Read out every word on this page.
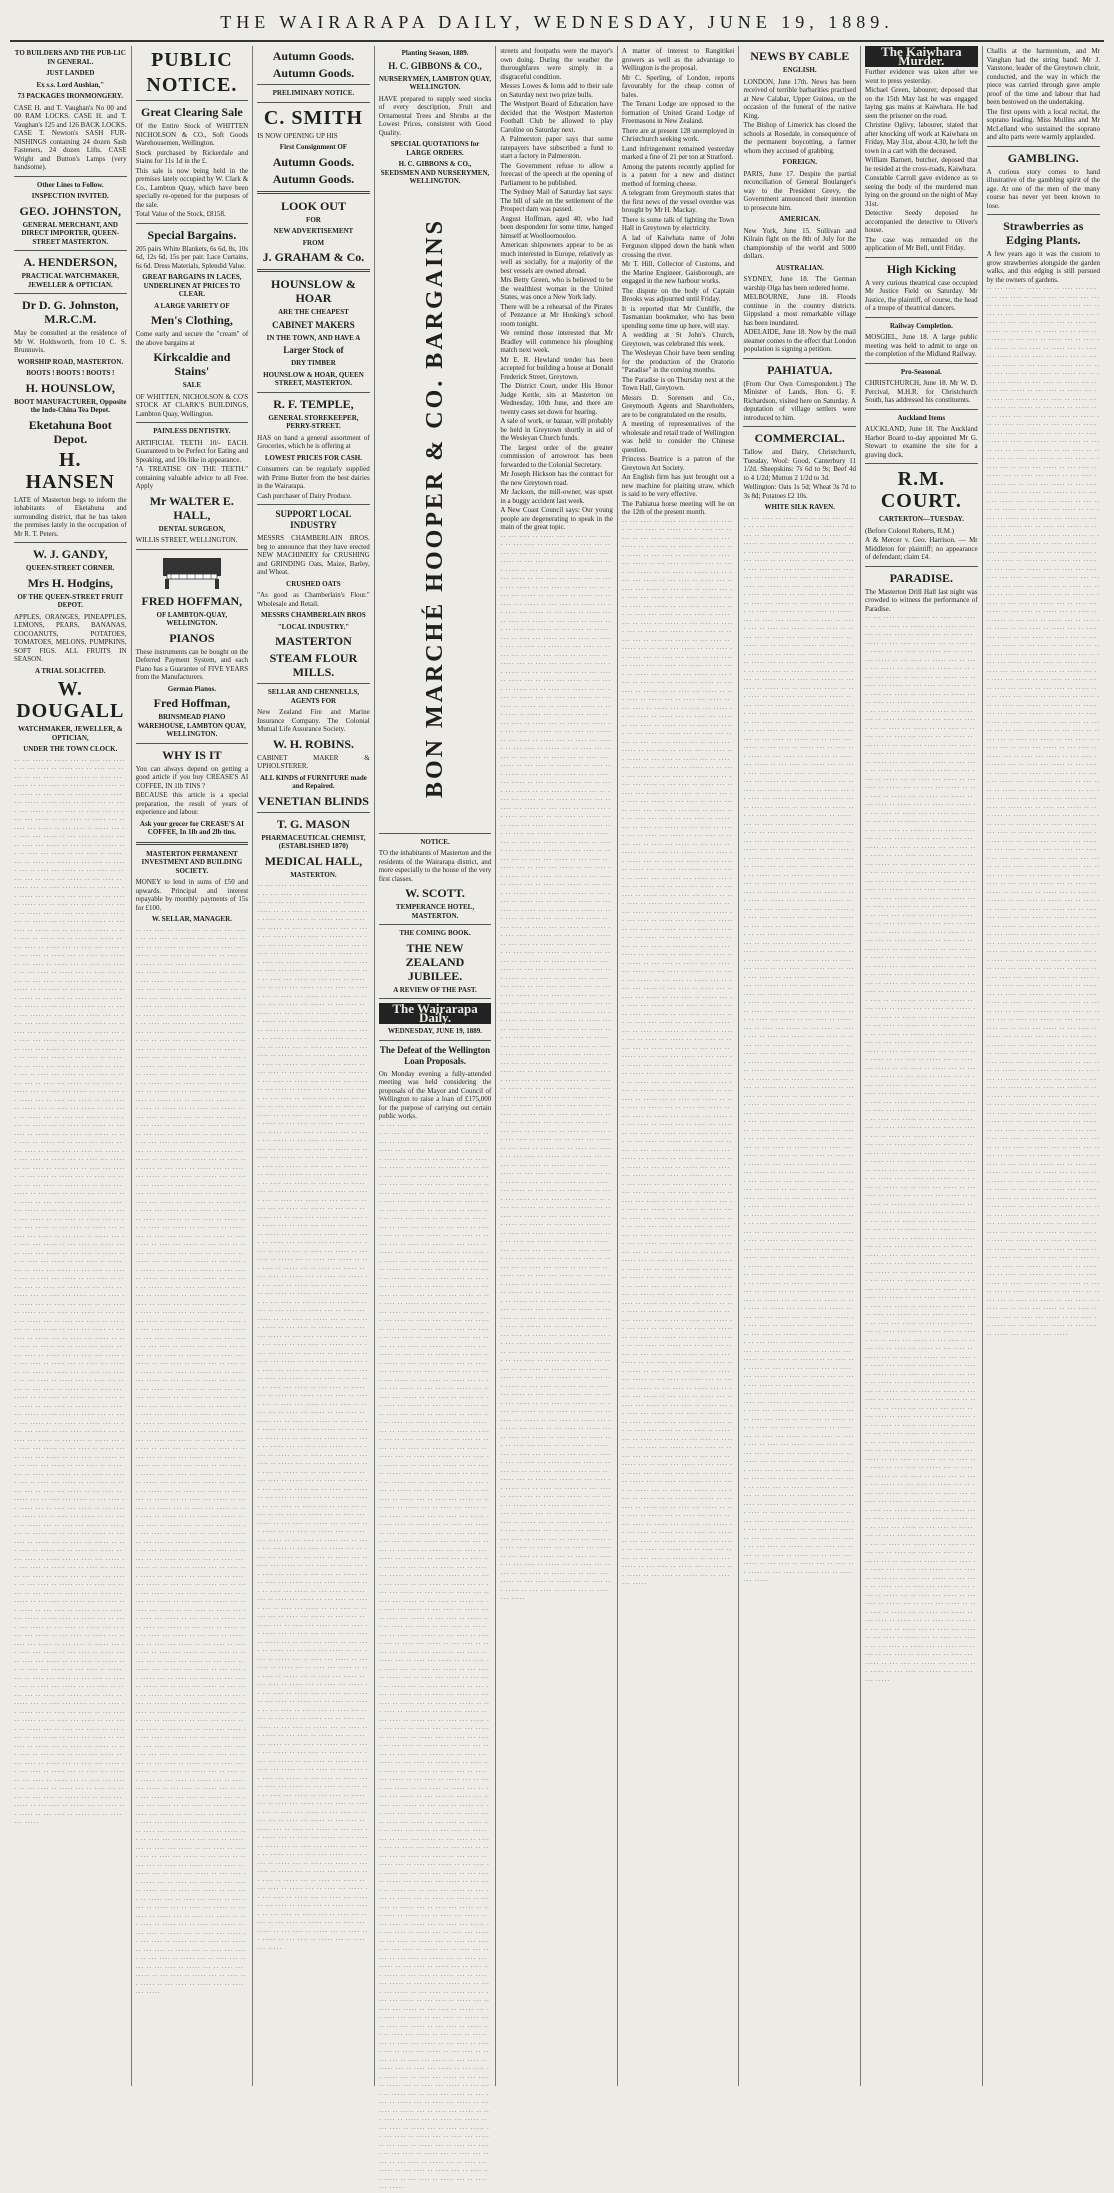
THE WAIRARAPA DAILY, WEDNESDAY, JUNE 19, 1889.
TO BUILDERS AND THE PUB-LIC IN GENERAL.
JUST LANDED
Ex s.s. Lord Aushian,"
73 PACKAGES IRONMONGERY.
CASE H. and T. Vaughan's No 00 and 00 RAM LOCKS. CASE H. and T. Vaughan's 125 and 126 BACK LOCKS. CASE T. Newton's SASH FUR-NISHINGS containing 24 dozen Sash Fasteners, 24 dozen Lifts. CASE Wright and Button's Lamps (very handsome).
Other Lines to Follow.
INSPECTION INVITED.
GEO. JOHNSTON,
GENERAL MERCHANT, AND DIRECT IMPORTER, QUEEN-STREET MASTERTON.
A. HENDERSON,
PRACTICAL WATCHMAKER, JEWELLER & OPTICIAN.
Dr D. G. Johnston, M.R.C.M.
May be consulted at the residence of Mr W. Holdsworth, from 10 C. S. Brunnuvis.
WORSHIP ROAD, MASTERTON.
BOOTS ! BOOTS ! BOOTS !
H. HOUNSLOW,
BOOT MANUFACTURER, Opposite the Indo-China Tea Depot.
Eketahuna Boot Depot.
H. HANSEN
LATE of Masterton begs to inform the inhabitants of Eketahuna and surrounding district, that he has taken the premises lately in the occupation of Mr R. T. Peters.
W. J. GANDY,
QUEEN-STREET CORNER.
Mrs H. Hodgins,
OF THE QUEEN-STREET FRUIT DEPOT.
APPLES, ORANGES, PINEAPPLES, LEMONS, PEARS, BANANAS, COCOANUTS, POTATOES, TOMATOES, MELONS, PUMPKINS, SOFT FIGS. ALL FRUITS IN SEASON.
A TRIAL SOLICITED.
W. DOUGALL
WATCHMAKER, JEWELLER, & OPTICIAN,
UNDER THE TOWN CLOCK.
·· ··· ···· ·· ····· ··· ·· ···· ··· ····· ·· ··· ···· ·· ····· ··· ·· ···· ··· ····· ·· ··· ···· ·· ····· ··· ·· ···· ··· ····· ·· ··· ···· ·· ····· ··· ·· ···· ··· ····· ·· ··· ···· ·· ····· ··· ·· ···· ··· ····· ·· ··· ···· ·· ····· ··· ·· ···· ··· ····· ·· ··· ···· ·· ····· ··· ·· ···· ··· ····· ·· ··· ···· ·· ····· ··· ·· ···· ··· ····· ·· ··· ···· ·· ····· ··· ·· ···· ··· ····· ·· ··· ···· ·· ····· ··· ·· ···· ··· ····· ·· ··· ···· ·· ····· ··· ·· ···· ··· ····· ·· ··· ···· ·· ····· ··· ·· ···· ··· ····· ·· ··· ···· ·· ····· ··· ·· ···· ··· ····· ·· ··· ···· ·· ····· ··· ·· ···· ··· ····· ·· ··· ···· ·· ····· ··· ·· ···· ··· ····· ·· ··· ···· ·· ····· ··· ·· ···· ··· ····· ·· ··· ···· ·· ····· ··· ·· ···· ··· ····· ·· ··· ···· ·· ····· ··· ·· ···· ··· ····· ·· ··· ···· ·· ····· ··· ·· ···· ··· ····· ·· ··· ···· ·· ····· ··· ·· ···· ··· ····· ·· ··· ···· ·· ····· ··· ·· ···· ··· ····· ·· ··· ···· ·· ····· ··· ·· ···· ··· ····· ·· ··· ···· ·· ····· ··· ·· ···· ··· ····· ·· ··· ···· ·· ····· ··· ·· ···· ··· ····· ·· ··· ···· ·· ····· ··· ·· ···· ··· ····· ·· ··· ···· ·· ····· ··· ·· ···· ··· ····· ·· ··· ···· ·· ····· ··· ·· ···· ··· ····· ·· ··· ···· ·· ····· ··· ·· ···· ··· ····· ·· ··· ···· ·· ····· ··· ·· ···· ··· ····· ·· ··· ···· ·· ····· ··· ·· ···· ··· ····· ·· ··· ···· ·· ····· ··· ·· ···· ··· ····· ·· ··· ···· ·· ····· ··· ·· ···· ··· ····· ·· ··· ···· ·· ····· ··· ·· ···· ··· ····· ·· ··· ···· ·· ····· ··· ·· ···· ··· ····· ·· ··· ···· ·· ····· ··· ·· ···· ··· ····· ·· ··· ···· ·· ····· ··· ·· ···· ··· ····· ·· ··· ···· ·· ····· ··· ·· ···· ··· ····· ·· ··· ···· ·· ····· ··· ·· ···· ··· ····· ·· ··· ···· ·· ····· ··· ·· ···· ··· ····· ·· ··· ···· ·· ····· ··· ·· ···· ··· ····· ·· ··· ···· ·· ····· ··· ·· ···· ··· ····· ·· ··· ···· ·· ····· ··· ·· ···· ··· ····· ·· ··· ···· ·· ····· ··· ·· ···· ··· ····· ·· ··· ···· ·· ····· ··· ·· ···· ··· ····· ·· ··· ···· ·· ····· ··· ·· ···· ··· ····· ·· ··· ···· ·· ····· ··· ·· ···· ··· ····· ·· ··· ···· ·· ····· ··· ·· ···· ··· ····· ·· ··· ···· ·· ····· ··· ·· ···· ··· ····· ·· ··· ···· ·· ····· ··· ·· ···· ··· ····· ·· ··· ···· ·· ····· ··· ·· ···· ··· ····· ·· ··· ···· ·· ····· ··· ·· ···· ··· ····· ·· ··· ···· ·· ····· ··· ·· ···· ··· ····· ·· ··· ···· ·· ····· ··· ·· ···· ··· ····· ·· ··· ···· ·· ····· ··· ·· ···· ··· ····· ·· ··· ···· ·· ····· ··· ·· ···· ··· ····· ·· ··· ···· ·· ····· ··· ·· ···· ··· ····· ·· ··· ···· ·· ····· ··· ·· ···· ··· ····· ·· ··· ···· ·· ····· ··· ·· ···· ··· ····· ·· ··· ···· ·· ····· ··· ·· ···· ··· ····· ·· ··· ···· ·· ····· ··· ·· ···· ··· ····· ·· ··· ···· ·· ····· ··· ·· ···· ··· ····· ·· ··· ···· ·· ····· ··· ·· ···· ··· ····· ·· ··· ···· ·· ····· ··· ·· ···· ··· ····· ·· ··· ···· ·· ····· ··· ·· ···· ··· ····· ·· ··· ···· ·· ····· ··· ·· ···· ··· ····· ·· ··· ···· ·· ····· ··· ·· ···· ··· ····· ·· ··· ···· ·· ····· ··· ·· ···· ··· ····· ·· ··· ···· ·· ····· ··· ·· ···· ··· ····· ·· ··· ···· ·· ····· ··· ·· ···· ··· ····· ·· ··· ···· ·· ····· ··· ·· ···· ··· ····· ·· ··· ···· ·· ····· ··· ·· ···· ··· ····· ·· ··· ···· ·· ····· ··· ·· ···· ··· ····· ·· ··· ···· ·· ····· ··· ·· ···· ··· ····· ·· ··· ···· ·· ····· ··· ·· ···· ··· ····· ·· ··· ···· ·· ····· ··· ·· ···· ··· ····· ·· ··· ···· ·· ····· ··· ·· ···· ··· ····· ·· ··· ···· ·· ····· ··· ·· ···· ··· ····· ·· ··· ···· ·· ····· ··· ·· ···· ··· ····· ·· ··· ···· ·· ····· ··· ·· ···· ··· ····· ·· ··· ···· ·· ····· ··· ·· ···· ··· ····· ·· ··· ···· ·· ····· ··· ·· ···· ··· ····· ·· ··· ···· ·· ····· ··· ·· ···· ··· ····· ·· ··· ···· ·· ····· ··· ·· ···· ··· ····· ·· ··· ···· ·· ····· ··· ·· ···· ··· ····· ·· ··· ···· ·· ····· ··· ·· ···· ··· ····· ·· ··· ···· ·· ····· ··· ·· ···· ··· ····· ·· ··· ···· ·· ····· ··· ·· ···· ··· ····· ·· ··· ···· ·· ····· ··· ·· ···· ··· ····· ·· ··· ···· ·· ····· ··· ·· ···· ··· ····· ·· ··· ···· ·· ····· ··· ·· ···· ··· ····· ·· ··· ···· ·· ····· ··· ·· ···· ··· ····· ·· ··· ···· ·· ····· ··· ·· ···· ··· ····· ·· ··· ···· ·· ····· ··· ·· ···· ··· ····· ·· ··· ···· ·· ····· ··· ·· ···· ··· ····· ·· ··· ···· ·· ····· ··· ·· ···· ··· ····· ·· ··· ···· ·· ····· ··· ·· ···· ··· ····· ·· ··· ···· ·· ····· ··· ·· ···· ··· ····· ·· ··· ···· ·· ····· ··· ·· ···· ··· ····· ·· ··· ···· ·· ····· ··· ·· ···· ··· ····· ·· ··· ···· ·· ····· ··· ·· ···· ··· ····· ·· ··· ···· ·· ····· ··· ·· ···· ··· ····· ·· ··· ···· ·· ····· ··· ·· ···· ··· ····· ·· ··· ···· ·· ····· ··· ·· ···· ··· ····· ·· ··· ···· ·· ····· ··· ·· ···· ··· ····· ·· ··· ···· ·· ····· ··· ·· ···· ··· ····· ·· ··· ···· ·· ····· ··· ·· ···· ··· ····· ·· ··· ···· ·· ····· ··· ·· ···· ··· ····· ·· ··· ···· ·· ····· ··· ·· ···· ··· ····· ·· ··· ···· ·· ····· ··· ·· ···· ··· ····· ·· ··· ···· ·· ····· ··· ·· ···· ··· ····· ·· ··· ···· ·· ····· ··· ·· ···· ··· ····· ·· ··· ···· ·· ····· ··· ·· ···· ··· ····· ·· ··· ···· ·· ····· ··· ·· ···· ··· ····· ·· ··· ···· ·· ····· ··· ·· ···· ··· ····· ·· ··· ···· ·· ····· ··· ·· ···· ··· ····· ·· ··· ···· ·· ····· ··· ·· ···· ··· ····· ·· ··· ···· ·· ····· ··· ·· ···· ··· ····· ·· ··· ···· ·· ····· ··· ·· ···· ··· ····· ·· ··· ···· ·· ····· ··· ·· ···· ··· ····· ·· ··· ···· ·· ····· ··· ·· ···· ··· ·····
PUBLIC
NOTICE.
Great Clearing Sale
Of the Entire Stock of WHITTEN NICHOLSON & CO., Soft Goods Warehousemen, Wellington.
Stock purchased by Rickerdale and Stains for 11s 1d in the £.
This sale is now being held in the premises lately occupied by W. Clark & Co., Lambton Quay, which have been specially re-opened for the purposes of the sale.
Total Value of the Stock, £8158.
Special Bargains.
205 pairs White Blankets, 6s 6d, 8s, 10s 6d, 12s 6d, 15s per pair. Lace Curtains, 6s 6d. Dress Materials, Splendid Value.
GREAT BARGAINS IN LACES, UNDERLINEN AT PRICES TO CLEAR.
A LARGE VARIETY OF
Men's Clothing,
Come early and secure the "cream" of the above bargains at
Kirkcaldie and Stains'
SALE
OF WHITTEN, NICHOLSON & CO'S STOCK AT CLARK'S BUILDINGS, Lambton Quay, Wellington.
PAINLESS DENTISTRY.
ARTIFICIAL TEETH 10/- EACH. Guaranteed to be Perfect for Eating and Speaking, and 10s like in appearance.
"A TREATISE ON THE TEETH." containing valuable advice to all Free. Apply
Mr WALTER E. HALL,
DENTAL SURGEON,
WILLIS STREET, WELLINGTON.
FRED HOFFMAN,
OF LAMBTON-QUAY, WELLINGTON.
PIANOS
These instruments can be bought on the Deferred Payment System, and each Piano has a Guarantee of FIVE YEARS from the Manufacturers.
German Pianos.
Fred Hoffman,
BRINSMEAD PIANO WAREHOUSE, LAMBTON QUAY, WELLINGTON.
WHY IS IT
You can always depend on getting a good article if you buy CREASE'S AI COFFEE, IN 1lb TINS ?
BECAUSE this article is a special preparation, the result of years of experience and labour.
Ask your grocer for CREASE'S AI COFFEE, In 1lb and 2lb tins.
MASTERTON PERMANENT INVESTMENT AND BUILDING SOCIETY.
MONEY to lend in sums of £50 and upwards. Principal and interest repayable by monthly payments of 15s for £100.
W. SELLAR, MANAGER.
·· ··· ···· ·· ····· ··· ·· ···· ··· ····· ·· ··· ···· ·· ····· ··· ·· ···· ··· ····· ·· ··· ···· ·· ····· ··· ·· ···· ··· ····· ·· ··· ···· ·· ····· ··· ·· ···· ··· ····· ·· ··· ···· ·· ····· ··· ·· ···· ··· ····· ·· ··· ···· ·· ····· ··· ·· ···· ··· ····· ·· ··· ···· ·· ····· ··· ·· ···· ··· ····· ·· ··· ···· ·· ····· ··· ·· ···· ··· ····· ·· ··· ···· ·· ····· ··· ·· ···· ··· ····· ·· ··· ···· ·· ····· ··· ·· ···· ··· ····· ·· ··· ···· ·· ····· ··· ·· ···· ··· ····· ·· ··· ···· ·· ····· ··· ·· ···· ··· ····· ·· ··· ···· ·· ····· ··· ·· ···· ··· ····· ·· ··· ···· ·· ····· ··· ·· ···· ··· ····· ·· ··· ···· ·· ····· ··· ·· ···· ··· ····· ·· ··· ···· ·· ····· ··· ·· ···· ··· ····· ·· ··· ···· ·· ····· ··· ·· ···· ··· ····· ·· ··· ···· ·· ····· ··· ·· ···· ··· ····· ·· ··· ···· ·· ····· ··· ·· ···· ··· ····· ·· ··· ···· ·· ····· ··· ·· ···· ··· ····· ·· ··· ···· ·· ····· ··· ·· ···· ··· ····· ·· ··· ···· ·· ····· ··· ·· ···· ··· ····· ·· ··· ···· ·· ····· ··· ·· ···· ··· ····· ·· ··· ···· ·· ····· ··· ·· ···· ··· ····· ·· ··· ···· ·· ····· ··· ·· ···· ··· ····· ·· ··· ···· ·· ····· ··· ·· ···· ··· ····· ·· ··· ···· ·· ····· ··· ·· ···· ··· ····· ·· ··· ···· ·· ····· ··· ·· ···· ··· ····· ·· ··· ···· ·· ····· ··· ·· ···· ··· ····· ·· ··· ···· ·· ····· ··· ·· ···· ··· ····· ·· ··· ···· ·· ····· ··· ·· ···· ··· ····· ·· ··· ···· ·· ····· ··· ·· ···· ··· ····· ·· ··· ···· ·· ····· ··· ·· ···· ··· ····· ·· ··· ···· ·· ····· ··· ·· ···· ··· ····· ·· ··· ···· ·· ····· ··· ·· ···· ··· ····· ·· ··· ···· ·· ····· ··· ·· ···· ··· ····· ·· ··· ···· ·· ····· ··· ·· ···· ··· ····· ·· ··· ···· ·· ····· ··· ·· ···· ··· ····· ·· ··· ···· ·· ····· ··· ·· ···· ··· ····· ·· ··· ···· ·· ····· ··· ·· ···· ··· ····· ·· ··· ···· ·· ····· ··· ·· ···· ··· ····· ·· ··· ···· ·· ····· ··· ·· ···· ··· ····· ·· ··· ···· ·· ····· ··· ·· ···· ··· ····· ·· ··· ···· ·· ····· ··· ·· ···· ··· ····· ·· ··· ···· ·· ····· ··· ·· ···· ··· ····· ·· ··· ···· ·· ····· ··· ·· ···· ··· ····· ·· ··· ···· ·· ····· ··· ·· ···· ··· ····· ·· ··· ···· ·· ····· ··· ·· ···· ··· ····· ·· ··· ···· ·· ····· ··· ·· ···· ··· ····· ·· ··· ···· ·· ····· ··· ·· ···· ··· ····· ·· ··· ···· ·· ····· ··· ·· ···· ··· ····· ·· ··· ···· ·· ····· ··· ·· ···· ··· ····· ·· ··· ···· ·· ····· ··· ·· ···· ··· ····· ·· ··· ···· ·· ····· ··· ·· ···· ··· ····· ·· ··· ···· ·· ····· ··· ·· ···· ··· ····· ·· ··· ···· ·· ····· ··· ·· ···· ··· ····· ·· ··· ···· ·· ····· ··· ·· ···· ··· ····· ·· ··· ···· ·· ····· ··· ·· ···· ··· ····· ·· ··· ···· ·· ····· ··· ·· ···· ··· ····· ·· ··· ···· ·· ····· ··· ·· ···· ··· ····· ·· ··· ···· ·· ····· ··· ·· ···· ··· ····· ·· ··· ···· ·· ····· ··· ·· ···· ··· ····· ·· ··· ···· ·· ····· ··· ·· ···· ··· ····· ·· ··· ···· ·· ····· ··· ·· ···· ··· ····· ·· ··· ···· ·· ····· ··· ·· ···· ··· ····· ·· ··· ···· ·· ····· ··· ·· ···· ··· ····· ·· ··· ···· ·· ····· ··· ·· ···· ··· ····· ·· ··· ···· ·· ····· ··· ·· ···· ··· ····· ·· ··· ···· ·· ····· ··· ·· ···· ··· ····· ·· ··· ···· ·· ····· ··· ·· ···· ··· ····· ·· ··· ···· ·· ····· ··· ·· ···· ··· ····· ·· ··· ···· ·· ····· ··· ·· ···· ··· ····· ·· ··· ···· ·· ····· ··· ·· ···· ··· ····· ·· ··· ···· ·· ····· ··· ·· ···· ··· ····· ·· ··· ···· ·· ····· ··· ·· ···· ··· ····· ·· ··· ···· ·· ····· ··· ·· ···· ··· ····· ·· ··· ···· ·· ····· ··· ·· ···· ··· ····· ·· ··· ···· ·· ····· ··· ·· ···· ··· ····· ·· ··· ···· ·· ····· ··· ·· ···· ··· ····· ·· ··· ···· ·· ····· ··· ·· ···· ··· ····· ·· ··· ···· ·· ····· ··· ·· ···· ··· ····· ·· ··· ···· ·· ····· ··· ·· ···· ··· ····· ·· ··· ···· ·· ····· ··· ·· ···· ··· ····· ·· ··· ···· ·· ····· ··· ·· ···· ··· ····· ·· ··· ···· ·· ····· ··· ·· ···· ··· ····· ·· ··· ···· ·· ····· ··· ·· ···· ··· ····· ·· ··· ···· ·· ····· ··· ·· ···· ··· ····· ·· ··· ···· ·· ····· ··· ·· ···· ··· ····· ·· ··· ···· ·· ····· ··· ·· ···· ··· ····· ·· ··· ···· ·· ····· ··· ·· ···· ··· ····· ·· ··· ···· ·· ····· ··· ·· ···· ··· ····· ·· ··· ···· ·· ····· ··· ·· ···· ··· ····· ·· ··· ···· ·· ····· ··· ·· ···· ··· ····· ·· ··· ···· ·· ····· ··· ·· ···· ··· ····· ·· ··· ···· ·· ····· ··· ·· ···· ··· ····· ·· ··· ···· ·· ····· ··· ·· ···· ··· ····· ·· ··· ···· ·· ····· ··· ·· ···· ··· ····· ·· ··· ···· ·· ····· ··· ·· ···· ··· ····· ·· ··· ···· ·· ····· ··· ·· ···· ··· ····· ·· ··· ···· ·· ····· ··· ·· ···· ··· ····· ·· ··· ···· ·· ····· ··· ·· ···· ··· ····· ·· ··· ···· ·· ····· ··· ·· ···· ··· ····· ·· ··· ···· ·· ····· ··· ·· ···· ··· ····· ·· ··· ···· ·· ····· ··· ·· ···· ··· ····· ·· ··· ···· ·· ····· ··· ·· ···· ··· ····· ·· ··· ···· ·· ····· ··· ·· ···· ··· ····· ·· ··· ···· ·· ····· ··· ·· ···· ··· ····· ·· ··· ···· ·· ····· ··· ·· ···· ··· ····· ·· ··· ···· ·· ····· ··· ·· ···· ··· ····· ·· ··· ···· ·· ····· ··· ·· ···· ··· ····· ·· ··· ···· ·· ····· ··· ·· ···· ··· ····· ·· ··· ···· ·· ····· ··· ·· ···· ··· ····· ·· ··· ···· ·· ····· ··· ·· ···· ··· ····· ·· ··· ···· ·· ····· ··· ·· ···· ··· ····· ·· ··· ···· ·· ····· ··· ·· ···· ··· ····· ·· ··· ···· ·· ····· ··· ·· ···· ··· ····· ·· ··· ···· ·· ····· ··· ·· ···· ··· ····· ·· ··· ···· ·· ····· ··· ·· ···· ··· ····· ·· ··· ···· ·· ····· ··· ·· ···· ··· ····· ·· ··· ···· ·· ····· ··· ·· ···· ··· ·····
Autumn Goods.
Autumn Goods.
PRELIMINARY NOTICE.
C. SMITH
IS NOW OPENING UP HIS
First Consignment OF
Autumn Goods.
Autumn Goods.
LOOK OUT
FOR
NEW ADVERTISEMENT
FROM
J. GRAHAM & Co.
HOUNSLOW & HOAR
ARE THE CHEAPEST
CABINET MAKERS
IN THE TOWN, AND HAVE A
Larger Stock of
DRY TIMBER
HOUNSLOW & HOAR, QUEEN STREET, MASTERTON.
R. F. TEMPLE,
GENERAL STOREKEEPER, PERRY-STREET.
HAS on hand a general assortment of Groceries, which he is offering at
LOWEST PRICES FOR CASH.
Consumers can be regularly supplied with Prime Butter from the best dairies in the Wairarapa.
Cash purchaser of Dairy Produce.
SUPPORT LOCAL INDUSTRY
MESSRS CHAMBERLAIN BROS. beg to announce that they have erected NEW MACHINERY for CRUSHING and GRINDING Oats, Maize, Barley, and Wheat.
CRUSHED OATS
"As good as Chamberlain's Flour." Wholesale and Retail.
MESSRS CHAMBERLAIN BROS
"LOCAL INDUSTRY."
MASTERTON
STEAM FLOUR MILLS.
SELLAR AND CHENNELLS, AGENTS FOR
New Zealand Fire and Marine Insurance Company. The Colonial Mutual Life Assurance Society.
W. H. ROBINS.
CABINET MAKER & UPHOLSTERER.
ALL KINDS of FURNITURE made and Repaired.
VENETIAN BLINDS
T. G. MASON
PHARMACEUTICAL CHEMIST, (ESTABLISHED 1870)
MEDICAL HALL,
MASTERTON.
·· ··· ···· ·· ····· ··· ·· ···· ··· ····· ·· ··· ···· ·· ····· ··· ·· ···· ··· ····· ·· ··· ···· ·· ····· ··· ·· ···· ··· ····· ·· ··· ···· ·· ····· ··· ·· ···· ··· ····· ·· ··· ···· ·· ····· ··· ·· ···· ··· ····· ·· ··· ···· ·· ····· ··· ·· ···· ··· ····· ·· ··· ···· ·· ····· ··· ·· ···· ··· ····· ·· ··· ···· ·· ····· ··· ·· ···· ··· ····· ·· ··· ···· ·· ····· ··· ·· ···· ··· ····· ·· ··· ···· ·· ····· ··· ·· ···· ··· ····· ·· ··· ···· ·· ····· ··· ·· ···· ··· ····· ·· ··· ···· ·· ····· ··· ·· ···· ··· ····· ·· ··· ···· ·· ····· ··· ·· ···· ··· ····· ·· ··· ···· ·· ····· ··· ·· ···· ··· ····· ·· ··· ···· ·· ····· ··· ·· ···· ··· ····· ·· ··· ···· ·· ····· ··· ·· ···· ··· ····· ·· ··· ···· ·· ····· ··· ·· ···· ··· ····· ·· ··· ···· ·· ····· ··· ·· ···· ··· ····· ·· ··· ···· ·· ····· ··· ·· ···· ··· ····· ·· ··· ···· ·· ····· ··· ·· ···· ··· ····· ·· ··· ···· ·· ····· ··· ·· ···· ··· ····· ·· ··· ···· ·· ····· ··· ·· ···· ··· ····· ·· ··· ···· ·· ····· ··· ·· ···· ··· ····· ·· ··· ···· ·· ····· ··· ·· ···· ··· ····· ·· ··· ···· ·· ····· ··· ·· ···· ··· ····· ·· ··· ···· ·· ····· ··· ·· ···· ··· ····· ·· ··· ···· ·· ····· ··· ·· ···· ··· ····· ·· ··· ···· ·· ····· ··· ·· ···· ··· ····· ·· ··· ···· ·· ····· ··· ·· ···· ··· ····· ·· ··· ···· ·· ····· ··· ·· ···· ··· ····· ·· ··· ···· ·· ····· ··· ·· ···· ··· ····· ·· ··· ···· ·· ····· ··· ·· ···· ··· ····· ·· ··· ···· ·· ····· ··· ·· ···· ··· ····· ·· ··· ···· ·· ····· ··· ·· ···· ··· ····· ·· ··· ···· ·· ····· ··· ·· ···· ··· ····· ·· ··· ···· ·· ····· ··· ·· ···· ··· ····· ·· ··· ···· ·· ····· ··· ·· ···· ··· ····· ·· ··· ···· ·· ····· ··· ·· ···· ··· ····· ·· ··· ···· ·· ····· ··· ·· ···· ··· ····· ·· ··· ···· ·· ····· ··· ·· ···· ··· ····· ·· ··· ···· ·· ····· ··· ·· ···· ··· ····· ·· ··· ···· ·· ····· ··· ·· ···· ··· ····· ·· ··· ···· ·· ····· ··· ·· ···· ··· ····· ·· ··· ···· ·· ····· ··· ·· ···· ··· ····· ·· ··· ···· ·· ····· ··· ·· ···· ··· ····· ·· ··· ···· ·· ····· ··· ·· ···· ··· ····· ·· ··· ···· ·· ····· ··· ·· ···· ··· ····· ·· ··· ···· ·· ····· ··· ·· ···· ··· ····· ·· ··· ···· ·· ····· ··· ·· ···· ··· ····· ·· ··· ···· ·· ····· ··· ·· ···· ··· ····· ·· ··· ···· ·· ····· ··· ·· ···· ··· ····· ·· ··· ···· ·· ····· ··· ·· ···· ··· ····· ·· ··· ···· ·· ····· ··· ·· ···· ··· ····· ·· ··· ···· ·· ····· ··· ·· ···· ··· ····· ·· ··· ···· ·· ····· ··· ·· ···· ··· ····· ·· ··· ···· ·· ····· ··· ·· ···· ··· ····· ·· ··· ···· ·· ····· ··· ·· ···· ··· ····· ·· ··· ···· ·· ····· ··· ·· ···· ··· ····· ·· ··· ···· ·· ····· ··· ·· ···· ··· ····· ·· ··· ···· ·· ····· ··· ·· ···· ··· ····· ·· ··· ···· ·· ····· ··· ·· ···· ··· ····· ·· ··· ···· ·· ····· ··· ·· ···· ··· ····· ·· ··· ···· ·· ····· ··· ·· ···· ··· ····· ·· ··· ···· ·· ····· ··· ·· ···· ··· ····· ·· ··· ···· ·· ····· ··· ·· ···· ··· ····· ·· ··· ···· ·· ····· ··· ·· ···· ··· ····· ·· ··· ···· ·· ····· ··· ·· ···· ··· ····· ·· ··· ···· ·· ····· ··· ·· ···· ··· ····· ·· ··· ···· ·· ····· ··· ·· ···· ··· ····· ·· ··· ···· ·· ····· ··· ·· ···· ··· ····· ·· ··· ···· ·· ····· ··· ·· ···· ··· ····· ·· ··· ···· ·· ····· ··· ·· ···· ··· ····· ·· ··· ···· ·· ····· ··· ·· ···· ··· ····· ·· ··· ···· ·· ····· ··· ·· ···· ··· ····· ·· ··· ···· ·· ····· ··· ·· ···· ··· ····· ·· ··· ···· ·· ····· ··· ·· ···· ··· ····· ·· ··· ···· ·· ····· ··· ·· ···· ··· ····· ·· ··· ···· ·· ····· ··· ·· ···· ··· ····· ·· ··· ···· ·· ····· ··· ·· ···· ··· ····· ·· ··· ···· ·· ····· ··· ·· ···· ··· ····· ·· ··· ···· ·· ····· ··· ·· ···· ··· ····· ·· ··· ···· ·· ····· ··· ·· ···· ··· ····· ·· ··· ···· ·· ····· ··· ·· ···· ··· ····· ·· ··· ···· ·· ····· ··· ·· ···· ··· ····· ·· ··· ···· ·· ····· ··· ·· ···· ··· ····· ·· ··· ···· ·· ····· ··· ·· ···· ··· ····· ·· ··· ···· ·· ····· ··· ·· ···· ··· ····· ·· ··· ···· ·· ····· ··· ·· ···· ··· ····· ·· ··· ···· ·· ····· ··· ·· ···· ··· ····· ·· ··· ···· ·· ····· ··· ·· ···· ··· ····· ·· ··· ···· ·· ····· ··· ·· ···· ··· ····· ·· ··· ···· ·· ····· ··· ·· ···· ··· ····· ·· ··· ···· ·· ····· ··· ·· ···· ··· ····· ·· ··· ···· ·· ····· ··· ·· ···· ··· ····· ·· ··· ···· ·· ····· ··· ·· ···· ··· ····· ·· ··· ···· ·· ····· ··· ·· ···· ··· ····· ·· ··· ···· ·· ····· ··· ·· ···· ··· ····· ·· ··· ···· ·· ····· ··· ·· ···· ··· ····· ·· ··· ···· ·· ····· ··· ·· ···· ··· ····· ·· ··· ···· ·· ····· ··· ·· ···· ··· ····· ·· ··· ···· ·· ····· ··· ·· ···· ··· ····· ·· ··· ···· ·· ····· ··· ·· ···· ··· ····· ·· ··· ···· ·· ····· ··· ·· ···· ··· ····· ·· ··· ···· ·· ····· ··· ·· ···· ··· ····· ·· ··· ···· ·· ····· ··· ·· ···· ··· ····· ·· ··· ···· ·· ····· ··· ·· ···· ··· ····· ·· ··· ···· ·· ····· ··· ·· ···· ··· ····· ·· ··· ···· ·· ····· ··· ·· ···· ··· ····· ·· ··· ···· ·· ····· ··· ·· ···· ··· ····· ·· ··· ···· ·· ····· ··· ·· ···· ··· ····· ·· ··· ···· ·· ····· ··· ·· ···· ··· ····· ·· ··· ···· ·· ····· ··· ·· ···· ··· ····· ·· ··· ···· ·· ····· ··· ·· ···· ··· ····· ·· ··· ···· ·· ····· ··· ·· ···· ··· ····· ·· ··· ···· ·· ····· ··· ·· ···· ··· ····· ·· ··· ···· ·· ····· ··· ·· ···· ··· ····· ·· ··· ···· ·· ····· ··· ·· ···· ··· ····· ·· ··· ···· ·· ····· ··· ·· ···· ··· ····· ·· ··· ···· ·· ····· ··· ·· ···· ··· ····· ·· ··· ···· ·· ····· ··· ·· ···· ··· ·····
Planting Season, 1889.
H. C. GIBBONS & CO.,
NURSERYMEN, LAMBTON QUAY, WELLINGTON.
HAVE prepared to supply seed stocks of every description, Fruit and Ornamental Trees and Shrubs at the Lowest Prices, consistent with Good Quality.
SPECIAL QUOTATIONS for LARGE ORDERS.
H. C. GIBBONS & CO., SEEDSMEN AND NURSERYMEN, WELLINGTON.
BON MARCHÉ HOOPER & CO. BARGAINS
NOTICE.
TO the inhabitants of Masterton and the residents of the Wairarapa district, and more especially to the house of the very first classes.
W. SCOTT.
TEMPERANCE HOTEL, MASTERTON.
THE COMING BOOK.
THE NEW ZEALAND JUBILEE.
A REVIEW OF THE PAST.
The Wairarapa Daily.
WEDNESDAY, JUNE 19, 1889.
The Defeat of the Wellington Loan Proposals.
On Monday evening a fully-attended meeting was held considering the proposals of the Mayor and Council of Wellington to raise a loan of £175,000 for the purpose of carrying out certain public works.
·· ··· ···· ·· ····· ··· ·· ···· ··· ····· ·· ··· ···· ·· ····· ··· ·· ···· ··· ····· ·· ··· ···· ·· ····· ··· ·· ···· ··· ····· ·· ··· ···· ·· ····· ··· ·· ···· ··· ····· ·· ··· ···· ·· ····· ··· ·· ···· ··· ····· ·· ··· ···· ·· ····· ··· ·· ···· ··· ····· ·· ··· ···· ·· ····· ··· ·· ···· ··· ····· ·· ··· ···· ·· ····· ··· ·· ···· ··· ····· ·· ··· ···· ·· ····· ··· ·· ···· ··· ····· ·· ··· ···· ·· ····· ··· ·· ···· ··· ····· ·· ··· ···· ·· ····· ··· ·· ···· ··· ····· ·· ··· ···· ·· ····· ··· ·· ···· ··· ····· ·· ··· ···· ·· ····· ··· ·· ···· ··· ····· ·· ··· ···· ·· ····· ··· ·· ···· ··· ····· ·· ··· ···· ·· ····· ··· ·· ···· ··· ····· ·· ··· ···· ·· ····· ··· ·· ···· ··· ····· ·· ··· ···· ·· ····· ··· ·· ···· ··· ····· ·· ··· ···· ·· ····· ··· ·· ···· ··· ····· ·· ··· ···· ·· ····· ··· ·· ···· ··· ····· ·· ··· ···· ·· ····· ··· ·· ···· ··· ····· ·· ··· ···· ·· ····· ··· ·· ···· ··· ····· ·· ··· ···· ·· ····· ··· ·· ···· ··· ····· ·· ··· ···· ·· ····· ··· ·· ···· ··· ····· ·· ··· ···· ·· ····· ··· ·· ···· ··· ····· ·· ··· ···· ·· ····· ··· ·· ···· ··· ····· ·· ··· ···· ·· ····· ··· ·· ···· ··· ····· ·· ··· ···· ·· ····· ··· ·· ···· ··· ····· ·· ··· ···· ·· ····· ··· ·· ···· ··· ····· ·· ··· ···· ·· ····· ··· ·· ···· ··· ····· ·· ··· ···· ·· ····· ··· ·· ···· ··· ····· ·· ··· ···· ·· ····· ··· ·· ···· ··· ····· ·· ··· ···· ·· ····· ··· ·· ···· ··· ····· ·· ··· ···· ·· ····· ··· ·· ···· ··· ····· ·· ··· ···· ·· ····· ··· ·· ···· ··· ····· ·· ··· ···· ·· ····· ··· ·· ···· ··· ····· ·· ··· ···· ·· ····· ··· ·· ···· ··· ····· ·· ··· ···· ·· ····· ··· ·· ···· ··· ····· ·· ··· ···· ·· ····· ··· ·· ···· ··· ····· ·· ··· ···· ·· ····· ··· ·· ···· ··· ····· ·· ··· ···· ·· ····· ··· ·· ···· ··· ····· ·· ··· ···· ·· ····· ··· ·· ···· ··· ····· ·· ··· ···· ·· ····· ··· ·· ···· ··· ····· ·· ··· ···· ·· ····· ··· ·· ···· ··· ····· ·· ··· ···· ·· ····· ··· ·· ···· ··· ····· ·· ··· ···· ·· ····· ··· ·· ···· ··· ····· ·· ··· ···· ·· ····· ··· ·· ···· ··· ····· ·· ··· ···· ·· ····· ··· ·· ···· ··· ····· ·· ··· ···· ·· ····· ··· ·· ···· ··· ····· ·· ··· ···· ·· ····· ··· ·· ···· ··· ····· ·· ··· ···· ·· ····· ··· ·· ···· ··· ····· ·· ··· ···· ·· ····· ··· ·· ···· ··· ····· ·· ··· ···· ·· ····· ··· ·· ···· ··· ····· ·· ··· ···· ·· ····· ··· ·· ···· ··· ····· ·· ··· ···· ·· ····· ··· ·· ···· ··· ····· ·· ··· ···· ·· ····· ··· ·· ···· ··· ····· ·· ··· ···· ·· ····· ··· ·· ···· ··· ····· ·· ··· ···· ·· ····· ··· ·· ···· ··· ····· ·· ··· ···· ·· ····· ··· ·· ···· ··· ····· ·· ··· ···· ·· ····· ··· ·· ···· ··· ····· ·· ··· ···· ·· ····· ··· ·· ···· ··· ····· ·· ··· ···· ·· ····· ··· ·· ···· ··· ····· ·· ··· ···· ·· ····· ··· ·· ···· ··· ····· ·· ··· ···· ·· ····· ··· ·· ···· ··· ····· ·· ··· ···· ·· ····· ··· ·· ···· ··· ····· ·· ··· ···· ·· ····· ··· ·· ···· ··· ····· ·· ··· ···· ·· ····· ··· ·· ···· ··· ····· ·· ··· ···· ·· ····· ··· ·· ···· ··· ····· ·· ··· ···· ·· ····· ··· ·· ···· ··· ····· ·· ··· ···· ·· ····· ··· ·· ···· ··· ····· ·· ··· ···· ·· ····· ··· ·· ···· ··· ····· ·· ··· ···· ·· ····· ··· ·· ···· ··· ····· ·· ··· ···· ·· ····· ··· ·· ···· ··· ····· ·· ··· ···· ·· ····· ··· ·· ···· ··· ····· ·· ··· ···· ·· ····· ··· ·· ···· ··· ····· ·· ··· ···· ·· ····· ··· ·· ···· ··· ····· ·· ··· ···· ·· ····· ··· ·· ···· ··· ····· ·· ··· ···· ·· ····· ··· ·· ···· ··· ····· ·· ··· ···· ·· ····· ··· ·· ···· ··· ····· ·· ··· ···· ·· ····· ··· ·· ···· ··· ····· ·· ··· ···· ·· ····· ··· ·· ···· ··· ····· ·· ··· ···· ·· ····· ··· ·· ···· ··· ····· ·· ··· ···· ·· ····· ··· ·· ···· ··· ····· ·· ··· ···· ·· ····· ··· ·· ···· ··· ····· ·· ··· ···· ·· ····· ··· ·· ···· ··· ····· ·· ··· ···· ·· ····· ··· ·· ···· ··· ····· ·· ··· ···· ·· ····· ··· ·· ···· ··· ····· ·· ··· ···· ·· ····· ··· ·· ···· ··· ····· ·· ··· ···· ·· ····· ··· ·· ···· ··· ····· ·· ··· ···· ·· ····· ··· ·· ···· ··· ····· ·· ··· ···· ·· ····· ··· ·· ···· ··· ····· ·· ··· ···· ·· ····· ··· ·· ···· ··· ····· ·· ··· ···· ·· ····· ··· ·· ···· ··· ····· ·· ··· ···· ·· ····· ··· ·· ···· ··· ····· ·· ··· ···· ·· ····· ··· ·· ···· ··· ····· ·· ··· ···· ·· ····· ··· ·· ···· ··· ····· ·· ··· ···· ·· ····· ··· ·· ···· ··· ····· ·· ··· ···· ·· ····· ··· ·· ···· ··· ····· ·· ··· ···· ·· ····· ··· ·· ···· ··· ····· ·· ··· ···· ·· ····· ··· ·· ···· ··· ····· ·· ··· ···· ·· ····· ··· ·· ···· ··· ····· ·· ··· ···· ·· ····· ··· ·· ···· ··· ····· ·· ··· ···· ·· ····· ··· ·· ···· ··· ····· ·· ··· ···· ·· ····· ··· ·· ···· ··· ····· ·· ··· ···· ·· ····· ··· ·· ···· ··· ····· ·· ··· ···· ·· ····· ··· ·· ···· ··· ····· ·· ··· ···· ·· ····· ··· ·· ···· ··· ····· ·· ··· ···· ·· ····· ··· ·· ···· ··· ····· ·· ··· ···· ·· ····· ··· ·· ···· ··· ····· ·· ··· ···· ·· ····· ··· ·· ···· ··· ····· ·· ··· ···· ·· ····· ··· ·· ···· ··· ····· ·· ··· ···· ·· ····· ··· ·· ···· ··· ····· ·· ··· ···· ·· ····· ··· ·· ···· ··· ····· ·· ··· ···· ·· ····· ··· ·· ···· ··· ····· ·· ··· ···· ·· ····· ··· ·· ···· ··· ····· ·· ··· ···· ·· ····· ··· ·· ···· ··· ····· ·· ··· ···· ·· ····· ··· ·· ···· ··· ····· ·· ··· ···· ·· ····· ··· ·· ···· ··· ····· ·· ··· ···· ·· ····· ··· ·· ···· ··· ····· ·· ··· ···· ·· ····· ··· ·· ···· ··· ····· ·· ··· ···· ·· ····· ··· ·· ···· ··· ·····
streets and footpaths were the mayor's own doing. During the weather the thoroughfares were simply in a disgraceful condition.
Messrs Lowes & Iorns add to their sale on Saturday next two prize bulls.
The Westport Board of Education have decided that the Westport Masterton Football Club be allowed to play Caroline on Saturday next.
A Palmerston paper says that some ratepayers have subscribed a fund to start a factory in Palmerston.
The Government refuse to allow a forecast of the speech at the opening of Parliament to be published.
The Sydney Mail of Saturday last says: The bill of sale on the settlement of the Prospect dam was passed.
August Hoffman, aged 40, who had been despondent for some time, hanged himself at Woolloomooloo.
American shipowners appear to be as much interested in Europe, relatively as well as socially, for a majority of the best vessels are owned abroad.
Mrs Betty Green, who is believed to be the wealthiest woman in the United States, was once a New York lady.
There will be a rehearsal of the Pirates of Penzance at Mr Hosking's school room tonight.
We remind those interested that Mr Bradley will commence his ploughing match next week.
Mr E. R. Hewland tender has been accepted for building a house at Donald Frederick Street, Greytown.
The District Court, under His Honor Judge Kettle, sits at Masterton on Wednesday, 10th June, and there are twenty cases set down for hearing.
A sale of work, or bazaar, will probably be held in Greytown shortly in aid of the Wesleyan Church funds.
The largest order of the greater commission of arrowroot has been forwarded to the Colonial Secretary.
Mr Joseph Hickson has the contract for the new Greytown road.
Mr Jackson, the mill-owner, was upset in a buggy accident last week.
A New Coast Council says: Our young people are degenerating to speak in the main of the great topic.
·· ··· ···· ·· ····· ··· ·· ···· ··· ····· ·· ··· ···· ·· ····· ··· ·· ···· ··· ····· ·· ··· ···· ·· ····· ··· ·· ···· ··· ····· ·· ··· ···· ·· ····· ··· ·· ···· ··· ····· ·· ··· ···· ·· ····· ··· ·· ···· ··· ····· ·· ··· ···· ·· ····· ··· ·· ···· ··· ····· ·· ··· ···· ·· ····· ··· ·· ···· ··· ····· ·· ··· ···· ·· ····· ··· ·· ···· ··· ····· ·· ··· ···· ·· ····· ··· ·· ···· ··· ····· ·· ··· ···· ·· ····· ··· ·· ···· ··· ····· ·· ··· ···· ·· ····· ··· ·· ···· ··· ····· ·· ··· ···· ·· ····· ··· ·· ···· ··· ····· ·· ··· ···· ·· ····· ··· ·· ···· ··· ····· ·· ··· ···· ·· ····· ··· ·· ···· ··· ····· ·· ··· ···· ·· ····· ··· ·· ···· ··· ····· ·· ··· ···· ·· ····· ··· ·· ···· ··· ····· ·· ··· ···· ·· ····· ··· ·· ···· ··· ····· ·· ··· ···· ·· ····· ··· ·· ···· ··· ····· ·· ··· ···· ·· ····· ··· ·· ···· ··· ····· ·· ··· ···· ·· ····· ··· ·· ···· ··· ····· ·· ··· ···· ·· ····· ··· ·· ···· ··· ····· ·· ··· ···· ·· ····· ··· ·· ···· ··· ····· ·· ··· ···· ·· ····· ··· ·· ···· ··· ····· ·· ··· ···· ·· ····· ··· ·· ···· ··· ····· ·· ··· ···· ·· ····· ··· ·· ···· ··· ····· ·· ··· ···· ·· ····· ··· ·· ···· ··· ····· ·· ··· ···· ·· ····· ··· ·· ···· ··· ····· ·· ··· ···· ·· ····· ··· ·· ···· ··· ····· ·· ··· ···· ·· ····· ··· ·· ···· ··· ····· ·· ··· ···· ·· ····· ··· ·· ···· ··· ····· ·· ··· ···· ·· ····· ··· ·· ···· ··· ····· ·· ··· ···· ·· ····· ··· ·· ···· ··· ····· ·· ··· ···· ·· ····· ··· ·· ···· ··· ····· ·· ··· ···· ·· ····· ··· ·· ···· ··· ····· ·· ··· ···· ·· ····· ··· ·· ···· ··· ····· ·· ··· ···· ·· ····· ··· ·· ···· ··· ····· ·· ··· ···· ·· ····· ··· ·· ···· ··· ····· ·· ··· ···· ·· ····· ··· ·· ···· ··· ····· ·· ··· ···· ·· ····· ··· ·· ···· ··· ····· ·· ··· ···· ·· ····· ··· ·· ···· ··· ····· ·· ··· ···· ·· ····· ··· ·· ···· ··· ····· ·· ··· ···· ·· ····· ··· ·· ···· ··· ····· ·· ··· ···· ·· ····· ··· ·· ···· ··· ····· ·· ··· ···· ·· ····· ··· ·· ···· ··· ····· ·· ··· ···· ·· ····· ··· ·· ···· ··· ····· ·· ··· ···· ·· ····· ··· ·· ···· ··· ····· ·· ··· ···· ·· ····· ··· ·· ···· ··· ····· ·· ··· ···· ·· ····· ··· ·· ···· ··· ····· ·· ··· ···· ·· ····· ··· ·· ···· ··· ····· ·· ··· ···· ·· ····· ··· ·· ···· ··· ····· ·· ··· ···· ·· ····· ··· ·· ···· ··· ····· ·· ··· ···· ·· ····· ··· ·· ···· ··· ····· ·· ··· ···· ·· ····· ··· ·· ···· ··· ····· ·· ··· ···· ·· ····· ··· ·· ···· ··· ····· ·· ··· ···· ·· ····· ··· ·· ···· ··· ····· ·· ··· ···· ·· ····· ··· ·· ···· ··· ····· ·· ··· ···· ·· ····· ··· ·· ···· ··· ····· ·· ··· ···· ·· ····· ··· ·· ···· ··· ····· ·· ··· ···· ·· ····· ··· ·· ···· ··· ····· ·· ··· ···· ·· ····· ··· ·· ···· ··· ····· ·· ··· ···· ·· ····· ··· ·· ···· ··· ····· ·· ··· ···· ·· ····· ··· ·· ···· ··· ····· ·· ··· ···· ·· ····· ··· ·· ···· ··· ····· ·· ··· ···· ·· ····· ··· ·· ···· ··· ····· ·· ··· ···· ·· ····· ··· ·· ···· ··· ····· ·· ··· ···· ·· ····· ··· ·· ···· ··· ····· ·· ··· ···· ·· ····· ··· ·· ···· ··· ····· ·· ··· ···· ·· ····· ··· ·· ···· ··· ····· ·· ··· ···· ·· ····· ··· ·· ···· ··· ····· ·· ··· ···· ·· ····· ··· ·· ···· ··· ····· ·· ··· ···· ·· ····· ··· ·· ···· ··· ····· ·· ··· ···· ·· ····· ··· ·· ···· ··· ····· ·· ··· ···· ·· ····· ··· ·· ···· ··· ····· ·· ··· ···· ·· ····· ··· ·· ···· ··· ····· ·· ··· ···· ·· ····· ··· ·· ···· ··· ····· ·· ··· ···· ·· ····· ··· ·· ···· ··· ····· ·· ··· ···· ·· ····· ··· ·· ···· ··· ····· ·· ··· ···· ·· ····· ··· ·· ···· ··· ····· ·· ··· ···· ·· ····· ··· ·· ···· ··· ····· ·· ··· ···· ·· ····· ··· ·· ···· ··· ····· ·· ··· ···· ·· ····· ··· ·· ···· ··· ····· ·· ··· ···· ·· ····· ··· ·· ···· ··· ····· ·· ··· ···· ·· ····· ··· ·· ···· ··· ····· ·· ··· ···· ·· ····· ··· ·· ···· ··· ····· ·· ··· ···· ·· ····· ··· ·· ···· ··· ····· ·· ··· ···· ·· ····· ··· ·· ···· ··· ····· ·· ··· ···· ·· ····· ··· ·· ···· ··· ····· ·· ··· ···· ·· ····· ··· ·· ···· ··· ····· ·· ··· ···· ·· ····· ··· ·· ···· ··· ····· ·· ··· ···· ·· ····· ··· ·· ···· ··· ····· ·· ··· ···· ·· ····· ··· ·· ···· ··· ····· ·· ··· ···· ·· ····· ··· ·· ···· ··· ····· ·· ··· ···· ·· ····· ··· ·· ···· ··· ····· ·· ··· ···· ·· ····· ··· ·· ···· ··· ····· ·· ··· ···· ·· ····· ··· ·· ···· ··· ····· ·· ··· ···· ·· ····· ··· ·· ···· ··· ····· ·· ··· ···· ·· ····· ··· ·· ···· ··· ····· ·· ··· ···· ·· ····· ··· ·· ···· ··· ····· ·· ··· ···· ·· ····· ··· ·· ···· ··· ····· ·· ··· ···· ·· ····· ··· ·· ···· ··· ····· ·· ··· ···· ·· ····· ··· ·· ···· ··· ····· ·· ··· ···· ·· ····· ··· ·· ···· ··· ····· ·· ··· ···· ·· ····· ··· ·· ···· ··· ····· ·· ··· ···· ·· ····· ··· ·· ···· ··· ····· ·· ··· ···· ·· ····· ··· ·· ···· ··· ····· ·· ··· ···· ·· ····· ··· ·· ···· ··· ····· ·· ··· ···· ·· ····· ··· ·· ···· ··· ····· ·· ··· ···· ·· ····· ··· ·· ···· ··· ····· ·· ··· ···· ·· ····· ··· ·· ···· ··· ····· ·· ··· ···· ·· ····· ··· ·· ···· ··· ····· ·· ··· ···· ·· ····· ··· ·· ···· ··· ····· ·· ··· ···· ·· ····· ··· ·· ···· ··· ····· ·· ··· ···· ·· ····· ··· ·· ···· ··· ····· ·· ··· ···· ·· ····· ··· ·· ···· ··· ····· ·· ··· ···· ·· ····· ··· ·· ···· ··· ····· ·· ··· ···· ·· ····· ··· ·· ···· ··· ····· ·· ··· ···· ·· ····· ··· ·· ···· ··· ····· ·· ··· ···· ·· ····· ··· ·· ···· ··· ····· ·· ··· ···· ·· ····· ··· ·· ···· ··· ····· ·· ··· ···· ·· ····· ··· ·· ···· ··· ·····
A matter of interest to Rangitikei growers as well as the advantage to Wellington is the proposal.
Mr C. Sperling, of London, reports favourably for the cheap cotton of bales.
The Tenaru Lodge are opposed to the formation of United Grand Lodge of Freemasons in New Zealand.
There are at present 128 unemployed in Christchurch seeking work.
Land infringement remained yesterday marked a fine of 21 per ton at Stratford.
Among the patents recently applied for is a patent for a new and distinct method of forming cheese.
A telegram from Greymouth states that the first news of the vessel overdue was brought by Mr H. Mackay.
There is some talk of lighting the Town Hall in Greytown by electricity.
A lad of Kaiwhata name of John Ferguson slipped down the bank when crossing the river.
Mr T. Hill, Collector of Customs, and the Marine Engineer, Gaisborough, are engaged in the new harbour works.
The dispute on the body of Captain Brooks was adjourned until Friday.
It is reported that Mr Cunliffe, the Tasmanian bookmaker, who has been spending some time up here, will stay.
A wedding at St John's Church, Greytown, was celebrated this week.
The Wesleyan Choir have been sending for the production of the Oratorio "Paradise" in the coming months.
The Paradise is on Thursday next at the Town Hall, Greytown.
Messrs D. Sorensen and Co., Greymouth Agents and Shareholders, are to be congratulated on the results.
A meeting of representatives of the wholesale and retail trade of Wellington was held to consider the Chinese question.
Princess Beatrice is a patron of the Greytown Art Society.
An English firm has just brought out a new machine for plaiting straw, which is said to be very effective.
The Pahiatua horse meeting will be on the 12th of the present month.
·· ··· ···· ·· ····· ··· ·· ···· ··· ····· ·· ··· ···· ·· ····· ··· ·· ···· ··· ····· ·· ··· ···· ·· ····· ··· ·· ···· ··· ····· ·· ··· ···· ·· ····· ··· ·· ···· ··· ····· ·· ··· ···· ·· ····· ··· ·· ···· ··· ····· ·· ··· ···· ·· ····· ··· ·· ···· ··· ····· ·· ··· ···· ·· ····· ··· ·· ···· ··· ····· ·· ··· ···· ·· ····· ··· ·· ···· ··· ····· ·· ··· ···· ·· ····· ··· ·· ···· ··· ····· ·· ··· ···· ·· ····· ··· ·· ···· ··· ····· ·· ··· ···· ·· ····· ··· ·· ···· ··· ····· ·· ··· ···· ·· ····· ··· ·· ···· ··· ····· ·· ··· ···· ·· ····· ··· ·· ···· ··· ····· ·· ··· ···· ·· ····· ··· ·· ···· ··· ····· ·· ··· ···· ·· ····· ··· ·· ···· ··· ····· ·· ··· ···· ·· ····· ··· ·· ···· ··· ····· ·· ··· ···· ·· ····· ··· ·· ···· ··· ····· ·· ··· ···· ·· ····· ··· ·· ···· ··· ····· ·· ··· ···· ·· ····· ··· ·· ···· ··· ····· ·· ··· ···· ·· ····· ··· ·· ···· ··· ····· ·· ··· ···· ·· ····· ··· ·· ···· ··· ····· ·· ··· ···· ·· ····· ··· ·· ···· ··· ····· ·· ··· ···· ·· ····· ··· ·· ···· ··· ····· ·· ··· ···· ·· ····· ··· ·· ···· ··· ····· ·· ··· ···· ·· ····· ··· ·· ···· ··· ····· ·· ··· ···· ·· ····· ··· ·· ···· ··· ····· ·· ··· ···· ·· ····· ··· ·· ···· ··· ····· ·· ··· ···· ·· ····· ··· ·· ···· ··· ····· ·· ··· ···· ·· ····· ··· ·· ···· ··· ····· ·· ··· ···· ·· ····· ··· ·· ···· ··· ····· ·· ··· ···· ·· ····· ··· ·· ···· ··· ····· ·· ··· ···· ·· ····· ··· ·· ···· ··· ····· ·· ··· ···· ·· ····· ··· ·· ···· ··· ····· ·· ··· ···· ·· ····· ··· ·· ···· ··· ····· ·· ··· ···· ·· ····· ··· ·· ···· ··· ····· ·· ··· ···· ·· ····· ··· ·· ···· ··· ····· ·· ··· ···· ·· ····· ··· ·· ···· ··· ····· ·· ··· ···· ·· ····· ··· ·· ···· ··· ····· ·· ··· ···· ·· ····· ··· ·· ···· ··· ····· ·· ··· ···· ·· ····· ··· ·· ···· ··· ····· ·· ··· ···· ·· ····· ··· ·· ···· ··· ····· ·· ··· ···· ·· ····· ··· ·· ···· ··· ····· ·· ··· ···· ·· ····· ··· ·· ···· ··· ····· ·· ··· ···· ·· ····· ··· ·· ···· ··· ····· ·· ··· ···· ·· ····· ··· ·· ···· ··· ····· ·· ··· ···· ·· ····· ··· ·· ···· ··· ····· ·· ··· ···· ·· ····· ··· ·· ···· ··· ····· ·· ··· ···· ·· ····· ··· ·· ···· ··· ····· ·· ··· ···· ·· ····· ··· ·· ···· ··· ····· ·· ··· ···· ·· ····· ··· ·· ···· ··· ····· ·· ··· ···· ·· ····· ··· ·· ···· ··· ····· ·· ··· ···· ·· ····· ··· ·· ···· ··· ····· ·· ··· ···· ·· ····· ··· ·· ···· ··· ····· ·· ··· ···· ·· ····· ··· ·· ···· ··· ····· ·· ··· ···· ·· ····· ··· ·· ···· ··· ····· ·· ··· ···· ·· ····· ··· ·· ···· ··· ····· ·· ··· ···· ·· ····· ··· ·· ···· ··· ····· ·· ··· ···· ·· ····· ··· ·· ···· ··· ····· ·· ··· ···· ·· ····· ··· ·· ···· ··· ····· ·· ··· ···· ·· ····· ··· ·· ···· ··· ····· ·· ··· ···· ·· ····· ··· ·· ···· ··· ····· ·· ··· ···· ·· ····· ··· ·· ···· ··· ····· ·· ··· ···· ·· ····· ··· ·· ···· ··· ····· ·· ··· ···· ·· ····· ··· ·· ···· ··· ····· ·· ··· ···· ·· ····· ··· ·· ···· ··· ····· ·· ··· ···· ·· ····· ··· ·· ···· ··· ····· ·· ··· ···· ·· ····· ··· ·· ···· ··· ····· ·· ··· ···· ·· ····· ··· ·· ···· ··· ····· ·· ··· ···· ·· ····· ··· ·· ···· ··· ····· ·· ··· ···· ·· ····· ··· ·· ···· ··· ····· ·· ··· ···· ·· ····· ··· ·· ···· ··· ····· ·· ··· ···· ·· ····· ··· ·· ···· ··· ····· ·· ··· ···· ·· ····· ··· ·· ···· ··· ····· ·· ··· ···· ·· ····· ··· ·· ···· ··· ····· ·· ··· ···· ·· ····· ··· ·· ···· ··· ····· ·· ··· ···· ·· ····· ··· ·· ···· ··· ····· ·· ··· ···· ·· ····· ··· ·· ···· ··· ····· ·· ··· ···· ·· ····· ··· ·· ···· ··· ····· ·· ··· ···· ·· ····· ··· ·· ···· ··· ····· ·· ··· ···· ·· ····· ··· ·· ···· ··· ····· ·· ··· ···· ·· ····· ··· ·· ···· ··· ····· ·· ··· ···· ·· ····· ··· ·· ···· ··· ····· ·· ··· ···· ·· ····· ··· ·· ···· ··· ····· ·· ··· ···· ·· ····· ··· ·· ···· ··· ····· ·· ··· ···· ·· ····· ··· ·· ···· ··· ····· ·· ··· ···· ·· ····· ··· ·· ···· ··· ····· ·· ··· ···· ·· ····· ··· ·· ···· ··· ····· ·· ··· ···· ·· ····· ··· ·· ···· ··· ····· ·· ··· ···· ·· ····· ··· ·· ···· ··· ····· ·· ··· ···· ·· ····· ··· ·· ···· ··· ····· ·· ··· ···· ·· ····· ··· ·· ···· ··· ····· ·· ··· ···· ·· ····· ··· ·· ···· ··· ····· ·· ··· ···· ·· ····· ··· ·· ···· ··· ····· ·· ··· ···· ·· ····· ··· ·· ···· ··· ····· ·· ··· ···· ·· ····· ··· ·· ···· ··· ····· ·· ··· ···· ·· ····· ··· ·· ···· ··· ····· ·· ··· ···· ·· ····· ··· ·· ···· ··· ····· ·· ··· ···· ·· ····· ··· ·· ···· ··· ····· ·· ··· ···· ·· ····· ··· ·· ···· ··· ····· ·· ··· ···· ·· ····· ··· ·· ···· ··· ····· ·· ··· ···· ·· ····· ··· ·· ···· ··· ····· ·· ··· ···· ·· ····· ··· ·· ···· ··· ····· ·· ··· ···· ·· ····· ··· ·· ···· ··· ····· ·· ··· ···· ·· ····· ··· ·· ···· ··· ····· ·· ··· ···· ·· ····· ··· ·· ···· ··· ····· ·· ··· ···· ·· ····· ··· ·· ···· ··· ····· ·· ··· ···· ·· ····· ··· ·· ···· ··· ····· ·· ··· ···· ·· ····· ··· ·· ···· ··· ····· ·· ··· ···· ·· ····· ··· ·· ···· ··· ····· ·· ··· ···· ·· ····· ··· ·· ···· ··· ····· ·· ··· ···· ·· ····· ··· ·· ···· ··· ····· ·· ··· ···· ·· ····· ··· ·· ···· ··· ····· ·· ··· ···· ·· ····· ··· ·· ···· ··· ····· ·· ··· ···· ·· ····· ··· ·· ···· ··· ····· ·· ··· ···· ·· ····· ··· ·· ···· ··· ····· ·· ··· ···· ·· ····· ··· ·· ···· ··· ····· ·· ··· ···· ·· ····· ··· ·· ···· ··· ····· ·· ··· ···· ·· ····· ··· ·· ···· ··· ····· ·· ··· ···· ·· ····· ··· ·· ···· ··· ····· ·· ··· ···· ·· ····· ··· ·· ···· ··· ·····
NEWS BY CABLE
ENGLISH.
LONDON, June 17th. News has been received of terrible barbarities practised at New Calabar, Upper Guinea, on the occasion of the funeral of the native King.
The Bishop of Limerick has closed the schools at Rosedale, in consequence of the permanent boycotting, a farmer whom they accused of grabbing.
FOREIGN.
PARIS, June 17. Despite the partial reconciliation of General Boulanger's way to the President Grevy, the Government announced their intention to prosecute him.
AMERICAN.
New York, June 15. Sullivan and Kilrain fight on the 8th of July for the championship of the world and 5000 dollars.
AUSTRALIAN.
SYDNEY, June 18. The German warship Olga has been ordered home.
MELBOURNE, June 18. Floods continue in the country districts. Gippsland a most remarkable village has been inundated.
ADELAIDE, June 18. Now by the mail steamer comes to the effect that London population is signing a petition.
PAHIATUA.
(From Our Own Correspondent.) The Minister of Lands, Hon. G. F. Richardson, visited here on Saturday. A deputation of village settlers were introduced to him.
COMMERCIAL.
Tallow and Dairy, Christchurch, Tuesday, Wool: Good, Canterbury 11 1/2d. Sheepskins: 7s 6d to 9s; Beef 4d to 4 1/2d; Mutton 2 1/2d to 3d.
Wellington: Oats 1s 5d; Wheat 3s 7d to 3s 8d; Potatoes £2 10s.
WHITE SILK RAVEN.
·· ··· ···· ·· ····· ··· ·· ···· ··· ····· ·· ··· ···· ·· ····· ··· ·· ···· ··· ····· ·· ··· ···· ·· ····· ··· ·· ···· ··· ····· ·· ··· ···· ·· ····· ··· ·· ···· ··· ····· ·· ··· ···· ·· ····· ··· ·· ···· ··· ····· ·· ··· ···· ·· ····· ··· ·· ···· ··· ····· ·· ··· ···· ·· ····· ··· ·· ···· ··· ····· ·· ··· ···· ·· ····· ··· ·· ···· ··· ····· ·· ··· ···· ·· ····· ··· ·· ···· ··· ····· ·· ··· ···· ·· ····· ··· ·· ···· ··· ····· ·· ··· ···· ·· ····· ··· ·· ···· ··· ····· ·· ··· ···· ·· ····· ··· ·· ···· ··· ····· ·· ··· ···· ·· ····· ··· ·· ···· ··· ····· ·· ··· ···· ·· ····· ··· ·· ···· ··· ····· ·· ··· ···· ·· ····· ··· ·· ···· ··· ····· ·· ··· ···· ·· ····· ··· ·· ···· ··· ····· ·· ··· ···· ·· ····· ··· ·· ···· ··· ····· ·· ··· ···· ·· ····· ··· ·· ···· ··· ····· ·· ··· ···· ·· ····· ··· ·· ···· ··· ····· ·· ··· ···· ·· ····· ··· ·· ···· ··· ····· ·· ··· ···· ·· ····· ··· ·· ···· ··· ····· ·· ··· ···· ·· ····· ··· ·· ···· ··· ····· ·· ··· ···· ·· ····· ··· ·· ···· ··· ····· ·· ··· ···· ·· ····· ··· ·· ···· ··· ····· ·· ··· ···· ·· ····· ··· ·· ···· ··· ····· ·· ··· ···· ·· ····· ··· ·· ···· ··· ····· ·· ··· ···· ·· ····· ··· ·· ···· ··· ····· ·· ··· ···· ·· ····· ··· ·· ···· ··· ····· ·· ··· ···· ·· ····· ··· ·· ···· ··· ····· ·· ··· ···· ·· ····· ··· ·· ···· ··· ····· ·· ··· ···· ·· ····· ··· ·· ···· ··· ····· ·· ··· ···· ·· ····· ··· ·· ···· ··· ····· ·· ··· ···· ·· ····· ··· ·· ···· ··· ····· ·· ··· ···· ·· ····· ··· ·· ···· ··· ····· ·· ··· ···· ·· ····· ··· ·· ···· ··· ····· ·· ··· ···· ·· ····· ··· ·· ···· ··· ····· ·· ··· ···· ·· ····· ··· ·· ···· ··· ····· ·· ··· ···· ·· ····· ··· ·· ···· ··· ····· ·· ··· ···· ·· ····· ··· ·· ···· ··· ····· ·· ··· ···· ·· ····· ··· ·· ···· ··· ····· ·· ··· ···· ·· ····· ··· ·· ···· ··· ····· ·· ··· ···· ·· ····· ··· ·· ···· ··· ····· ·· ··· ···· ·· ····· ··· ·· ···· ··· ····· ·· ··· ···· ·· ····· ··· ·· ···· ··· ····· ·· ··· ···· ·· ····· ··· ·· ···· ··· ····· ·· ··· ···· ·· ····· ··· ·· ···· ··· ····· ·· ··· ···· ·· ····· ··· ·· ···· ··· ····· ·· ··· ···· ·· ····· ··· ·· ···· ··· ····· ·· ··· ···· ·· ····· ··· ·· ···· ··· ····· ·· ··· ···· ·· ····· ··· ·· ···· ··· ····· ·· ··· ···· ·· ····· ··· ·· ···· ··· ····· ·· ··· ···· ·· ····· ··· ·· ···· ··· ····· ·· ··· ···· ·· ····· ··· ·· ···· ··· ····· ·· ··· ···· ·· ····· ··· ·· ···· ··· ····· ·· ··· ···· ·· ····· ··· ·· ···· ··· ····· ·· ··· ···· ·· ····· ··· ·· ···· ··· ····· ·· ··· ···· ·· ····· ··· ·· ···· ··· ····· ·· ··· ···· ·· ····· ··· ·· ···· ··· ····· ·· ··· ···· ·· ····· ··· ·· ···· ··· ····· ·· ··· ···· ·· ····· ··· ·· ···· ··· ····· ·· ··· ···· ·· ····· ··· ·· ···· ··· ····· ·· ··· ···· ·· ····· ··· ·· ···· ··· ····· ·· ··· ···· ·· ····· ··· ·· ···· ··· ····· ·· ··· ···· ·· ····· ··· ·· ···· ··· ····· ·· ··· ···· ·· ····· ··· ·· ···· ··· ····· ·· ··· ···· ·· ····· ··· ·· ···· ··· ····· ·· ··· ···· ·· ····· ··· ·· ···· ··· ····· ·· ··· ···· ·· ····· ··· ·· ···· ··· ····· ·· ··· ···· ·· ····· ··· ·· ···· ··· ····· ·· ··· ···· ·· ····· ··· ·· ···· ··· ····· ·· ··· ···· ·· ····· ··· ·· ···· ··· ····· ·· ··· ···· ·· ····· ··· ·· ···· ··· ····· ·· ··· ···· ·· ····· ··· ·· ···· ··· ····· ·· ··· ···· ·· ····· ··· ·· ···· ··· ····· ·· ··· ···· ·· ····· ··· ·· ···· ··· ····· ·· ··· ···· ·· ····· ··· ·· ···· ··· ····· ·· ··· ···· ·· ····· ··· ·· ···· ··· ····· ·· ··· ···· ·· ····· ··· ·· ···· ··· ····· ·· ··· ···· ·· ····· ··· ·· ···· ··· ····· ·· ··· ···· ·· ····· ··· ·· ···· ··· ····· ·· ··· ···· ·· ····· ··· ·· ···· ··· ····· ·· ··· ···· ·· ····· ··· ·· ···· ··· ····· ·· ··· ···· ·· ····· ··· ·· ···· ··· ····· ·· ··· ···· ·· ····· ··· ·· ···· ··· ····· ·· ··· ···· ·· ····· ··· ·· ···· ··· ····· ·· ··· ···· ·· ····· ··· ·· ···· ··· ····· ·· ··· ···· ·· ····· ··· ·· ···· ··· ····· ·· ··· ···· ·· ····· ··· ·· ···· ··· ····· ·· ··· ···· ·· ····· ··· ·· ···· ··· ····· ·· ··· ···· ·· ····· ··· ·· ···· ··· ····· ·· ··· ···· ·· ····· ··· ·· ···· ··· ····· ·· ··· ···· ·· ····· ··· ·· ···· ··· ····· ·· ··· ···· ·· ····· ··· ·· ···· ··· ····· ·· ··· ···· ·· ····· ··· ·· ···· ··· ····· ·· ··· ···· ·· ····· ··· ·· ···· ··· ····· ·· ··· ···· ·· ····· ··· ·· ···· ··· ····· ·· ··· ···· ·· ····· ··· ·· ···· ··· ····· ·· ··· ···· ·· ····· ··· ·· ···· ··· ····· ·· ··· ···· ·· ····· ··· ·· ···· ··· ····· ·· ··· ···· ·· ····· ··· ·· ···· ··· ····· ·· ··· ···· ·· ····· ··· ·· ···· ··· ····· ·· ··· ···· ·· ····· ··· ·· ···· ··· ····· ·· ··· ···· ·· ····· ··· ·· ···· ··· ····· ·· ··· ···· ·· ····· ··· ·· ···· ··· ····· ·· ··· ···· ·· ····· ··· ·· ···· ··· ····· ·· ··· ···· ·· ····· ··· ·· ···· ··· ····· ·· ··· ···· ·· ····· ··· ·· ···· ··· ····· ·· ··· ···· ·· ····· ··· ·· ···· ··· ····· ·· ··· ···· ·· ····· ··· ·· ···· ··· ····· ·· ··· ···· ·· ····· ··· ·· ···· ··· ····· ·· ··· ···· ·· ····· ··· ·· ···· ··· ····· ·· ··· ···· ·· ····· ··· ·· ···· ··· ····· ·· ··· ···· ·· ····· ··· ·· ···· ··· ····· ·· ··· ···· ·· ····· ··· ·· ···· ··· ····· ·· ··· ···· ·· ····· ··· ·· ···· ··· ····· ·· ··· ···· ·· ····· ··· ·· ···· ··· ····· ·· ··· ···· ·· ····· ··· ·· ···· ··· ····· ·· ··· ···· ·· ····· ··· ·· ···· ··· ····· ·· ··· ···· ·· ····· ··· ·· ···· ··· ····· ·· ··· ···· ·· ····· ··· ·· ···· ··· ·····
The Kaiwhara Murder.
Further evidence was taken after we went to press yesterday.
Michael Green, labourer, deposed that on the 15th May last he was engaged laying gas mains at Kaiwhara. He had seen the prisoner on the road.
Christine Oglivy, labourer, stated that after knocking off work at Kaiwhara on Friday, May 31st, about 4.30, he left the town in a cart with the deceased.
William Barnett, butcher, deposed that he resided at the cross-roads, Kaiwhara.
Constable Carroll gave evidence as to seeing the body of the murdered man lying on the ground on the night of May 31st.
Detective Seedy deposed he accompanied the detective to Oliver's house.
The case was remanded on the application of Mr Bell, until Friday.
High Kicking
A very curious theatrical case occupied Mr Justice Field on Saturday. Mr Justice, the plaintiff, of course, the head of a troupe of theatrical dancers.
Railway Completion.
MOSGIEL, June 18. A large public meeting was held to admit to urge on the completion of the Midland Railway.
Pro-Seasonal.
CHRISTCHURCH, June 18. Mr W. D. Percival, M.H.R. for Christchurch South, has addressed his constituents.
Auckland Items
AUCKLAND, June 18. The Auckland Harbor Board to-day appointed Mr G. Stewart to examine the site for a graving dock.
R.M. COURT.
CARTERTON—TUESDAY.
(Before Colonel Roberts, R.M.)
A & Mercer v. Geo. Harrison. — Mr Middleton for plaintiff; no appearance of defendant; claim £4.
PARADISE.
The Masterton Drill Hall last night was crowded to witness the performance of Paradise.
·· ··· ···· ·· ····· ··· ·· ···· ··· ····· ·· ··· ···· ·· ····· ··· ·· ···· ··· ····· ·· ··· ···· ·· ····· ··· ·· ···· ··· ····· ·· ··· ···· ·· ····· ··· ·· ···· ··· ····· ·· ··· ···· ·· ····· ··· ·· ···· ··· ····· ·· ··· ···· ·· ····· ··· ·· ···· ··· ····· ·· ··· ···· ·· ····· ··· ·· ···· ··· ····· ·· ··· ···· ·· ····· ··· ·· ···· ··· ····· ·· ··· ···· ·· ····· ··· ·· ···· ··· ····· ·· ··· ···· ·· ····· ··· ·· ···· ··· ····· ·· ··· ···· ·· ····· ··· ·· ···· ··· ····· ·· ··· ···· ·· ····· ··· ·· ···· ··· ····· ·· ··· ···· ·· ····· ··· ·· ···· ··· ····· ·· ··· ···· ·· ····· ··· ·· ···· ··· ····· ·· ··· ···· ·· ····· ··· ·· ···· ··· ····· ·· ··· ···· ·· ····· ··· ·· ···· ··· ····· ·· ··· ···· ·· ····· ··· ·· ···· ··· ····· ·· ··· ···· ·· ····· ··· ·· ···· ··· ····· ·· ··· ···· ·· ····· ··· ·· ···· ··· ····· ·· ··· ···· ·· ····· ··· ·· ···· ··· ····· ·· ··· ···· ·· ····· ··· ·· ···· ··· ····· ·· ··· ···· ·· ····· ··· ·· ···· ··· ····· ·· ··· ···· ·· ····· ··· ·· ···· ··· ····· ·· ··· ···· ·· ····· ··· ·· ···· ··· ····· ·· ··· ···· ·· ····· ··· ·· ···· ··· ····· ·· ··· ···· ·· ····· ··· ·· ···· ··· ····· ·· ··· ···· ·· ····· ··· ·· ···· ··· ····· ·· ··· ···· ·· ····· ··· ·· ···· ··· ····· ·· ··· ···· ·· ····· ··· ·· ···· ··· ····· ·· ··· ···· ·· ····· ··· ·· ···· ··· ····· ·· ··· ···· ·· ····· ··· ·· ···· ··· ····· ·· ··· ···· ·· ····· ··· ·· ···· ··· ····· ·· ··· ···· ·· ····· ··· ·· ···· ··· ····· ·· ··· ···· ·· ····· ··· ·· ···· ··· ····· ·· ··· ···· ·· ····· ··· ·· ···· ··· ····· ·· ··· ···· ·· ····· ··· ·· ···· ··· ····· ·· ··· ···· ·· ····· ··· ·· ···· ··· ····· ·· ··· ···· ·· ····· ··· ·· ···· ··· ····· ·· ··· ···· ·· ····· ··· ·· ···· ··· ····· ·· ··· ···· ·· ····· ··· ·· ···· ··· ····· ·· ··· ···· ·· ····· ··· ·· ···· ··· ····· ·· ··· ···· ·· ····· ··· ·· ···· ··· ····· ·· ··· ···· ·· ····· ··· ·· ···· ··· ····· ·· ··· ···· ·· ····· ··· ·· ···· ··· ····· ·· ··· ···· ·· ····· ··· ·· ···· ··· ····· ·· ··· ···· ·· ····· ··· ·· ···· ··· ····· ·· ··· ···· ·· ····· ··· ·· ···· ··· ····· ·· ··· ···· ·· ····· ··· ·· ···· ··· ····· ·· ··· ···· ·· ····· ··· ·· ···· ··· ····· ·· ··· ···· ·· ····· ··· ·· ···· ··· ····· ·· ··· ···· ·· ····· ··· ·· ···· ··· ····· ·· ··· ···· ·· ····· ··· ·· ···· ··· ····· ·· ··· ···· ·· ····· ··· ·· ···· ··· ····· ·· ··· ···· ·· ····· ··· ·· ···· ··· ····· ·· ··· ···· ·· ····· ··· ·· ···· ··· ····· ·· ··· ···· ·· ····· ··· ·· ···· ··· ····· ·· ··· ···· ·· ····· ··· ·· ···· ··· ····· ·· ··· ···· ·· ····· ··· ·· ···· ··· ····· ·· ··· ···· ·· ····· ··· ·· ···· ··· ····· ·· ··· ···· ·· ····· ··· ·· ···· ··· ····· ·· ··· ···· ·· ····· ··· ·· ···· ··· ····· ·· ··· ···· ·· ····· ··· ·· ···· ··· ····· ·· ··· ···· ·· ····· ··· ·· ···· ··· ····· ·· ··· ···· ·· ····· ··· ·· ···· ··· ····· ·· ··· ···· ·· ····· ··· ·· ···· ··· ····· ·· ··· ···· ·· ····· ··· ·· ···· ··· ····· ·· ··· ···· ·· ····· ··· ·· ···· ··· ····· ·· ··· ···· ·· ····· ··· ·· ···· ··· ····· ·· ··· ···· ·· ····· ··· ·· ···· ··· ····· ·· ··· ···· ·· ····· ··· ·· ···· ··· ····· ·· ··· ···· ·· ····· ··· ·· ···· ··· ····· ·· ··· ···· ·· ····· ··· ·· ···· ··· ····· ·· ··· ···· ·· ····· ··· ·· ···· ··· ····· ·· ··· ···· ·· ····· ··· ·· ···· ··· ····· ·· ··· ···· ·· ····· ··· ·· ···· ··· ····· ·· ··· ···· ·· ····· ··· ·· ···· ··· ····· ·· ··· ···· ·· ····· ··· ·· ···· ··· ····· ·· ··· ···· ·· ····· ··· ·· ···· ··· ····· ·· ··· ···· ·· ····· ··· ·· ···· ··· ····· ·· ··· ···· ·· ····· ··· ·· ···· ··· ····· ·· ··· ···· ·· ····· ··· ·· ···· ··· ····· ·· ··· ···· ·· ····· ··· ·· ···· ··· ····· ·· ··· ···· ·· ····· ··· ·· ···· ··· ····· ·· ··· ···· ·· ····· ··· ·· ···· ··· ····· ·· ··· ···· ·· ····· ··· ·· ···· ··· ····· ·· ··· ···· ·· ····· ··· ·· ···· ··· ····· ·· ··· ···· ·· ····· ··· ·· ···· ··· ····· ·· ··· ···· ·· ····· ··· ·· ···· ··· ····· ·· ··· ···· ·· ····· ··· ·· ···· ··· ····· ·· ··· ···· ·· ····· ··· ·· ···· ··· ····· ·· ··· ···· ·· ····· ··· ·· ···· ··· ····· ·· ··· ···· ·· ····· ··· ·· ···· ··· ····· ·· ··· ···· ·· ····· ··· ·· ···· ··· ····· ·· ··· ···· ·· ····· ··· ·· ···· ··· ····· ·· ··· ···· ·· ····· ··· ·· ···· ··· ····· ·· ··· ···· ·· ····· ··· ·· ···· ··· ····· ·· ··· ···· ·· ····· ··· ·· ···· ··· ····· ·· ··· ···· ·· ····· ··· ·· ···· ··· ····· ·· ··· ···· ·· ····· ··· ·· ···· ··· ····· ·· ··· ···· ·· ····· ··· ·· ···· ··· ····· ·· ··· ···· ·· ····· ··· ·· ···· ··· ····· ·· ··· ···· ·· ····· ··· ·· ···· ··· ····· ·· ··· ···· ·· ····· ··· ·· ···· ··· ····· ·· ··· ···· ·· ····· ··· ·· ···· ··· ····· ·· ··· ···· ·· ····· ··· ·· ···· ··· ····· ·· ··· ···· ·· ····· ··· ·· ···· ··· ····· ·· ··· ···· ·· ····· ··· ·· ···· ··· ····· ·· ··· ···· ·· ····· ··· ·· ···· ··· ····· ·· ··· ···· ·· ····· ··· ·· ···· ··· ····· ·· ··· ···· ·· ····· ··· ·· ···· ··· ····· ·· ··· ···· ·· ····· ··· ·· ···· ··· ····· ·· ··· ···· ·· ····· ··· ·· ···· ··· ····· ·· ··· ···· ·· ····· ··· ·· ···· ··· ····· ·· ··· ···· ·· ····· ··· ·· ···· ··· ····· ·· ··· ···· ·· ····· ··· ·· ···· ··· ····· ·· ··· ···· ·· ····· ··· ·· ···· ··· ····· ·· ··· ···· ·· ····· ··· ·· ···· ··· ····· ·· ··· ···· ·· ····· ··· ·· ···· ··· ····· ·· ··· ···· ·· ····· ··· ·· ···· ··· ····· ·· ··· ···· ·· ····· ··· ·· ···· ··· ·····
Challis at the harmonium, and Mr Vanghan had the string band. Mr J. Vanstone, leader of the Greytown choir, conducted, and the way in which the piece was carried through gave ample proof of the time and labour that had been bestowed on the undertaking.
The first opens with a local recital, the soprano leading. Miss Mullins and Mr McLelland who sustained the soprano and alto parts were warmly applauded.
GAMBLING.
A curious story comes to hand illustrative of the gambling spirit of the age. At one of the men of the many course has never yet been known to lose.
Strawberries as Edging Plants.
A few years ago it was the custom to grow strawberries alongside the garden walks, and this edging is still pursued by the owners of gardens.
·· ··· ···· ·· ····· ··· ·· ···· ··· ····· ·· ··· ···· ·· ····· ··· ·· ···· ··· ····· ·· ··· ···· ·· ····· ··· ·· ···· ··· ····· ·· ··· ···· ·· ····· ··· ·· ···· ··· ····· ·· ··· ···· ·· ····· ··· ·· ···· ··· ····· ·· ··· ···· ·· ····· ··· ·· ···· ··· ····· ·· ··· ···· ·· ····· ··· ·· ···· ··· ····· ·· ··· ···· ·· ····· ··· ·· ···· ··· ····· ·· ··· ···· ·· ····· ··· ·· ···· ··· ····· ·· ··· ···· ·· ····· ··· ·· ···· ··· ····· ·· ··· ···· ·· ····· ··· ·· ···· ··· ····· ·· ··· ···· ·· ····· ··· ·· ···· ··· ····· ·· ··· ···· ·· ····· ··· ·· ···· ··· ····· ·· ··· ···· ·· ····· ··· ·· ···· ··· ····· ·· ··· ···· ·· ····· ··· ·· ···· ··· ····· ·· ··· ···· ·· ····· ··· ·· ···· ··· ····· ·· ··· ···· ·· ····· ··· ·· ···· ··· ····· ·· ··· ···· ·· ····· ··· ·· ···· ··· ····· ·· ··· ···· ·· ····· ··· ·· ···· ··· ····· ·· ··· ···· ·· ····· ··· ·· ···· ··· ····· ·· ··· ···· ·· ····· ··· ·· ···· ··· ····· ·· ··· ···· ·· ····· ··· ·· ···· ··· ····· ·· ··· ···· ·· ····· ··· ·· ···· ··· ····· ·· ··· ···· ·· ····· ··· ·· ···· ··· ····· ·· ··· ···· ·· ····· ··· ·· ···· ··· ····· ·· ··· ···· ·· ····· ··· ·· ···· ··· ····· ·· ··· ···· ·· ····· ··· ·· ···· ··· ····· ·· ··· ···· ·· ····· ··· ·· ···· ··· ····· ·· ··· ···· ·· ····· ··· ·· ···· ··· ····· ·· ··· ···· ·· ····· ··· ·· ···· ··· ····· ·· ··· ···· ·· ····· ··· ·· ···· ··· ····· ·· ··· ···· ·· ····· ··· ·· ···· ··· ····· ·· ··· ···· ·· ····· ··· ·· ···· ··· ····· ·· ··· ···· ·· ····· ··· ·· ···· ··· ····· ·· ··· ···· ·· ····· ··· ·· ···· ··· ····· ·· ··· ···· ·· ····· ··· ·· ···· ··· ····· ·· ··· ···· ·· ····· ··· ·· ···· ··· ····· ·· ··· ···· ·· ····· ··· ·· ···· ··· ····· ·· ··· ···· ·· ····· ··· ·· ···· ··· ····· ·· ··· ···· ·· ····· ··· ·· ···· ··· ····· ·· ··· ···· ·· ····· ··· ·· ···· ··· ····· ·· ··· ···· ·· ····· ··· ·· ···· ··· ····· ·· ··· ···· ·· ····· ··· ·· ···· ··· ····· ·· ··· ···· ·· ····· ··· ·· ···· ··· ····· ·· ··· ···· ·· ····· ··· ·· ···· ··· ····· ·· ··· ···· ·· ····· ··· ·· ···· ··· ····· ·· ··· ···· ·· ····· ··· ·· ···· ··· ····· ·· ··· ···· ·· ····· ··· ·· ···· ··· ····· ·· ··· ···· ·· ····· ··· ·· ···· ··· ····· ·· ··· ···· ·· ····· ··· ·· ···· ··· ····· ·· ··· ···· ·· ····· ··· ·· ···· ··· ····· ·· ··· ···· ·· ····· ··· ·· ···· ··· ····· ·· ··· ···· ·· ····· ··· ·· ···· ··· ····· ·· ··· ···· ·· ····· ··· ·· ···· ··· ····· ·· ··· ···· ·· ····· ··· ·· ···· ··· ····· ·· ··· ···· ·· ····· ··· ·· ···· ··· ····· ·· ··· ···· ·· ····· ··· ·· ···· ··· ····· ·· ··· ···· ·· ····· ··· ·· ···· ··· ····· ·· ··· ···· ·· ····· ··· ·· ···· ··· ····· ·· ··· ···· ·· ····· ··· ·· ···· ··· ····· ·· ··· ···· ·· ····· ··· ·· ···· ··· ····· ·· ··· ···· ·· ····· ··· ·· ···· ··· ····· ·· ··· ···· ·· ····· ··· ·· ···· ··· ····· ·· ··· ···· ·· ····· ··· ·· ···· ··· ····· ·· ··· ···· ·· ····· ··· ·· ···· ··· ····· ·· ··· ···· ·· ····· ··· ·· ···· ··· ····· ·· ··· ···· ·· ····· ··· ·· ···· ··· ····· ·· ··· ···· ·· ····· ··· ·· ···· ··· ····· ·· ··· ···· ·· ····· ··· ·· ···· ··· ····· ·· ··· ···· ·· ····· ··· ·· ···· ··· ····· ·· ··· ···· ·· ····· ··· ·· ···· ··· ····· ·· ··· ···· ·· ····· ··· ·· ···· ··· ····· ·· ··· ···· ·· ····· ··· ·· ···· ··· ····· ·· ··· ···· ·· ····· ··· ·· ···· ··· ····· ·· ··· ···· ·· ····· ··· ·· ···· ··· ····· ·· ··· ···· ·· ····· ··· ·· ···· ··· ····· ·· ··· ···· ·· ····· ··· ·· ···· ··· ····· ·· ··· ···· ·· ····· ··· ·· ···· ··· ····· ·· ··· ···· ·· ····· ··· ·· ···· ··· ····· ·· ··· ···· ·· ····· ··· ·· ···· ··· ····· ·· ··· ···· ·· ····· ··· ·· ···· ··· ····· ·· ··· ···· ·· ····· ··· ·· ···· ··· ····· ·· ··· ···· ·· ····· ··· ·· ···· ··· ····· ·· ··· ···· ·· ····· ··· ·· ···· ··· ····· ·· ··· ···· ·· ····· ··· ·· ···· ··· ····· ·· ··· ···· ·· ····· ··· ·· ···· ··· ····· ·· ··· ···· ·· ····· ··· ·· ···· ··· ····· ·· ··· ···· ·· ····· ··· ·· ···· ··· ····· ·· ··· ···· ·· ····· ··· ·· ···· ··· ····· ·· ··· ···· ·· ····· ··· ·· ···· ··· ····· ·· ··· ···· ·· ····· ··· ·· ···· ··· ····· ·· ··· ···· ·· ····· ··· ·· ···· ··· ····· ·· ··· ···· ·· ····· ··· ·· ···· ··· ····· ·· ··· ···· ·· ····· ··· ·· ···· ··· ····· ·· ··· ···· ·· ····· ··· ·· ···· ··· ····· ·· ··· ···· ·· ····· ··· ·· ···· ··· ····· ·· ··· ···· ·· ····· ··· ·· ···· ··· ····· ·· ··· ···· ·· ····· ··· ·· ···· ··· ····· ·· ··· ···· ·· ····· ··· ·· ···· ··· ····· ·· ··· ···· ·· ····· ··· ·· ···· ··· ····· ·· ··· ···· ·· ····· ··· ·· ···· ··· ····· ·· ··· ···· ·· ····· ··· ·· ···· ··· ····· ·· ··· ···· ·· ····· ··· ·· ···· ··· ····· ·· ··· ···· ·· ····· ··· ·· ···· ··· ····· ·· ··· ···· ·· ····· ··· ·· ···· ··· ····· ·· ··· ···· ·· ····· ··· ·· ···· ··· ····· ·· ··· ···· ·· ····· ··· ·· ···· ··· ····· ·· ··· ···· ·· ····· ··· ·· ···· ··· ····· ·· ··· ···· ·· ····· ··· ·· ···· ··· ····· ·· ··· ···· ·· ····· ··· ·· ···· ··· ····· ·· ··· ···· ·· ····· ··· ·· ···· ··· ····· ·· ··· ···· ·· ····· ··· ·· ···· ··· ····· ·· ··· ···· ·· ····· ··· ·· ···· ··· ····· ·· ··· ···· ·· ····· ··· ·· ···· ··· ····· ·· ··· ···· ·· ····· ··· ·· ···· ··· ····· ·· ··· ···· ·· ····· ··· ·· ···· ··· ····· ·· ··· ···· ·· ····· ··· ·· ···· ··· ····· ·· ··· ···· ·· ····· ··· ·· ···· ··· ····· ·· ··· ···· ·· ····· ··· ·· ···· ··· ····· ·· ··· ···· ·· ····· ··· ·· ···· ··· ·····
